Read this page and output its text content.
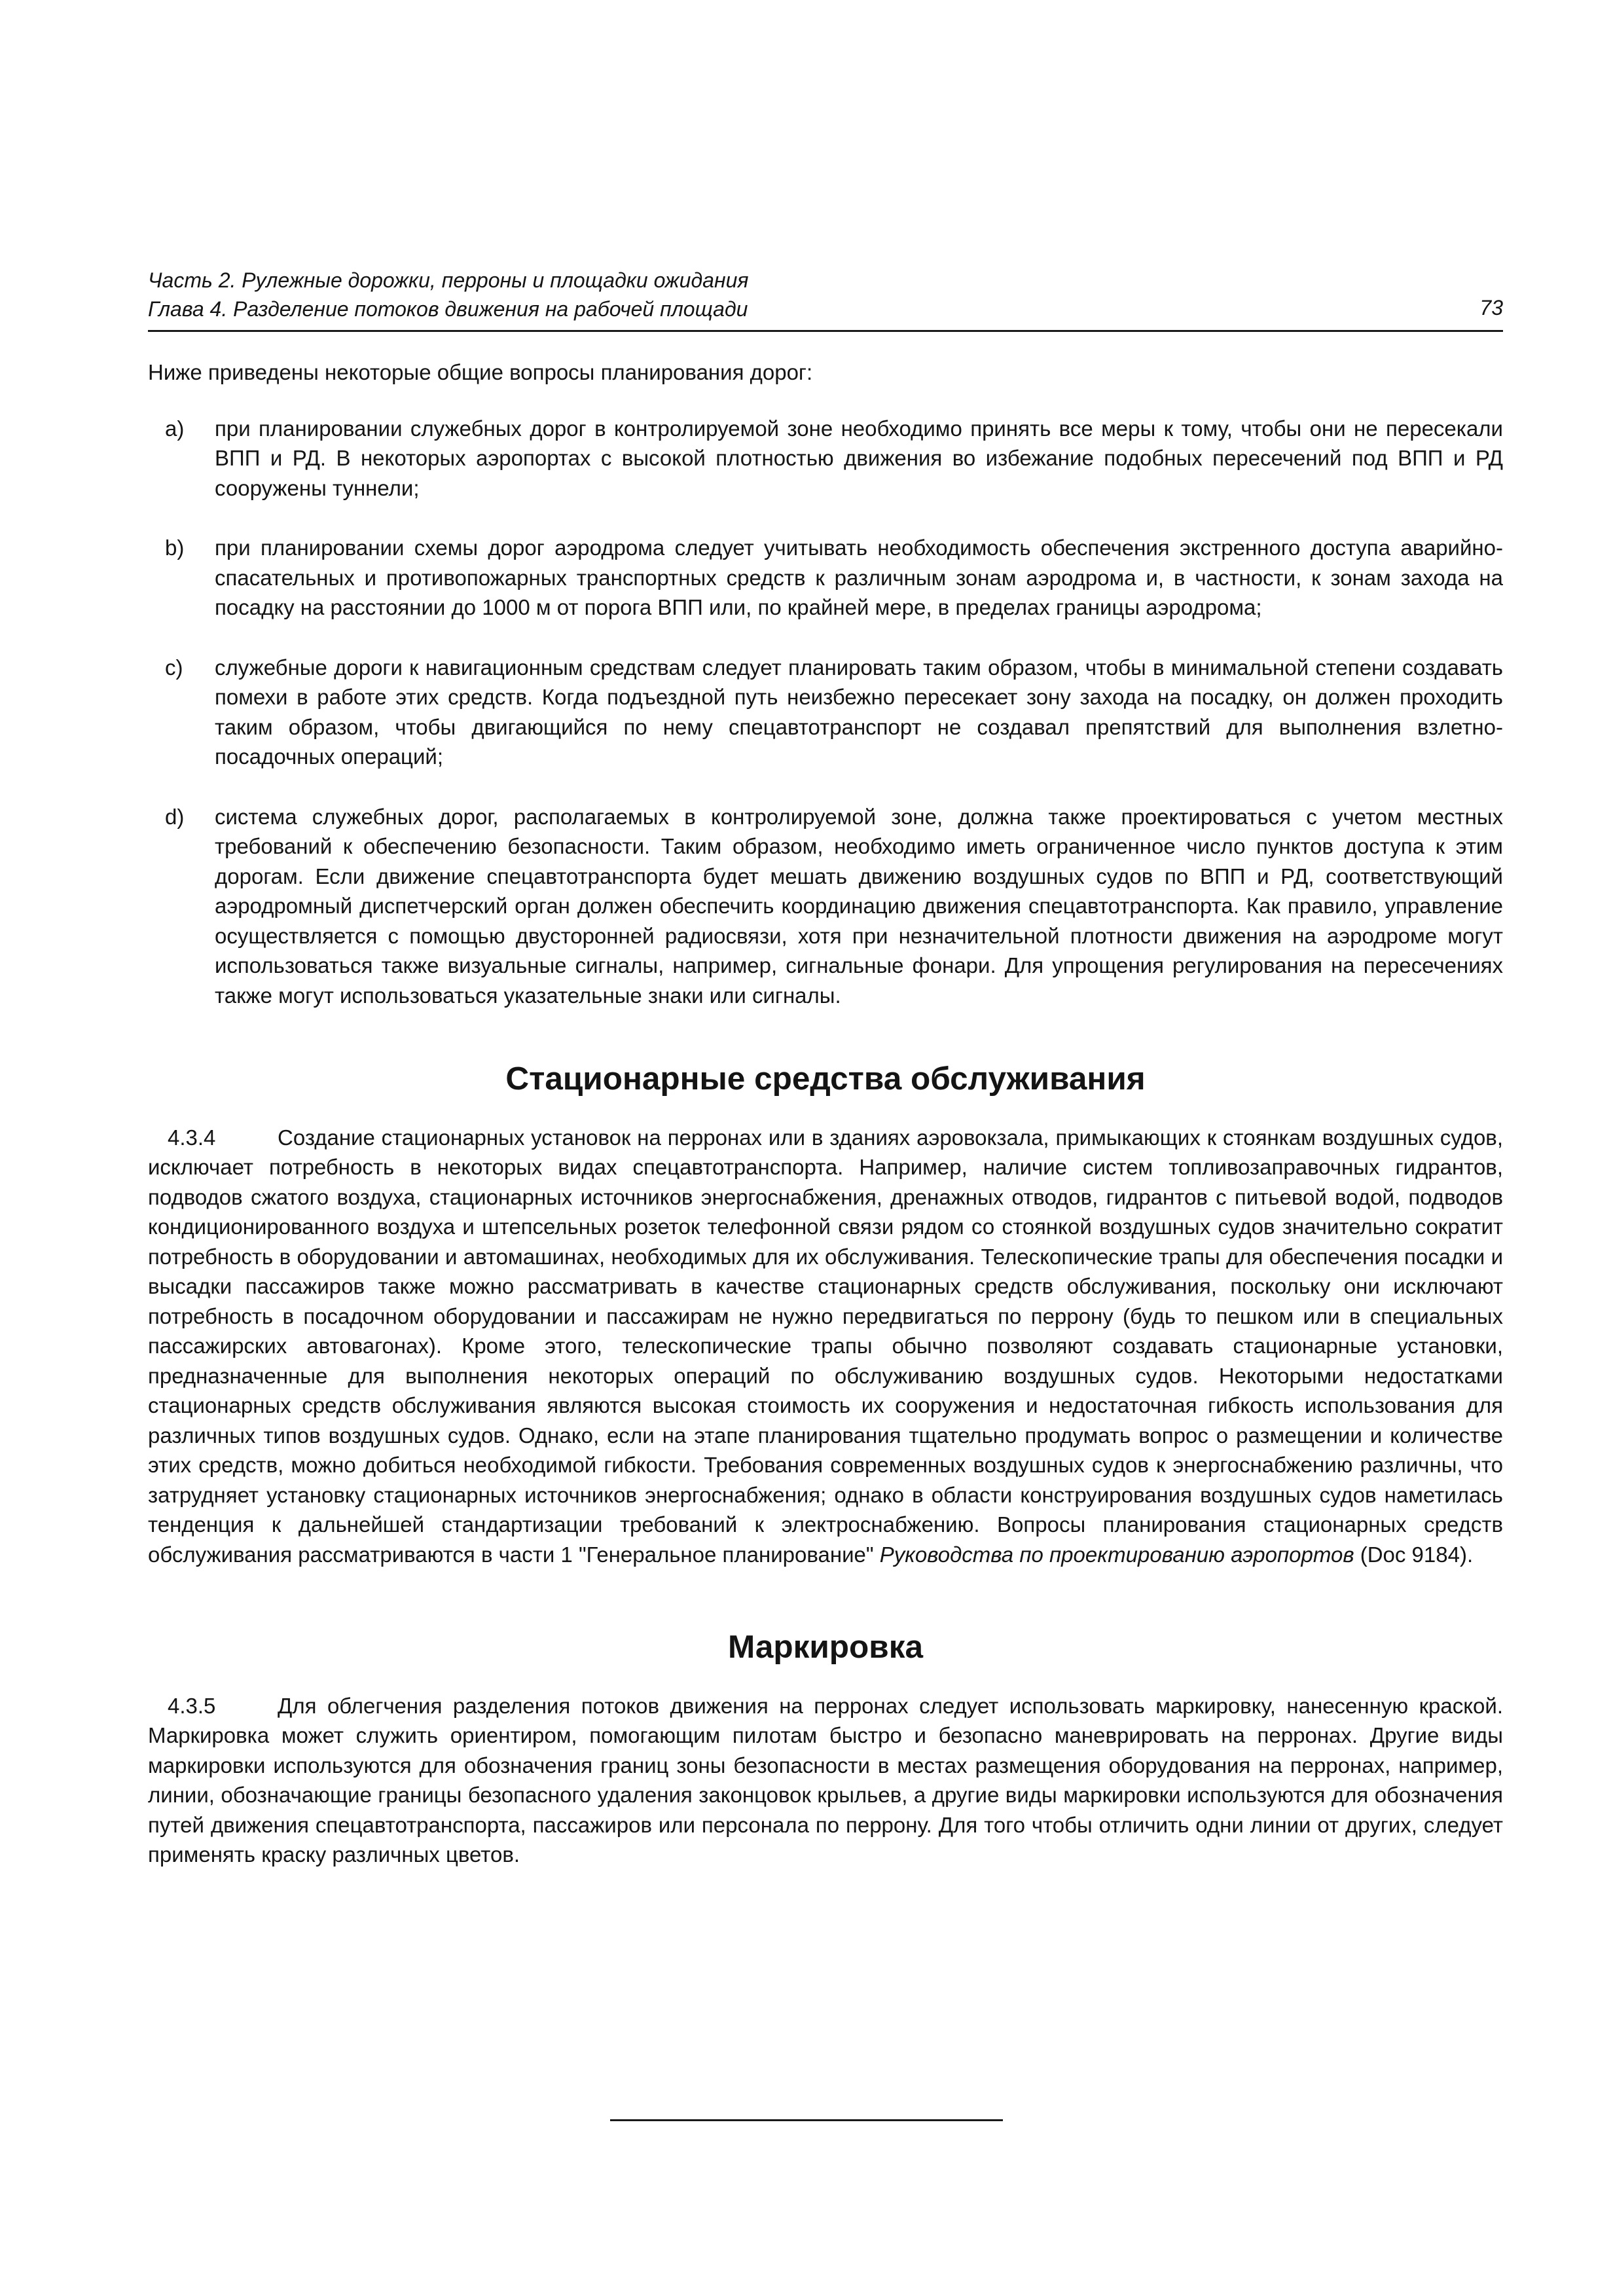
Часть 2. Рулежные дорожки, перроны и площадки ожидания
Глава 4. Разделение потоков движения на рабочей площади	73

Ниже приведены некоторые общие вопросы планирования дорог:

a) при планировании служебных дорог в контролируемой зоне необходимо принять все меры к тому, чтобы они не пересекали ВПП и РД. В некоторых аэропортах с высокой плотностью движения во избежание подобных пересечений под ВПП и РД сооружены туннели;
b) при планировании схемы дорог аэродрома следует учитывать необходимость обеспечения экстренного доступа аварийно-спасательных и противопожарных транспортных средств к различным зонам аэродрома и, в частности, к зонам захода на посадку на расстоянии до 1000 м от порога ВПП или, по крайней мере, в пределах границы аэродрома;
c) служебные дороги к навигационным средствам следует планировать таким образом, чтобы в минимальной степени создавать помехи в работе этих средств. Когда подъездной путь неизбежно пересекает зону захода на посадку, он должен проходить таким образом, чтобы двигающийся по нему спецавтотранспорт не создавал препятствий для выполнения взлетно-посадочных операций;
d) система служебных дорог, располагаемых в контролируемой зоне, должна также проектироваться с учетом местных требований к обеспечению безопасности. Таким образом, необходимо иметь ограниченное число пунктов доступа к этим дорогам. Если движение спецавтотранспорта будет мешать движению воздушных судов по ВПП и РД, соответствующий аэродромный диспетчерский орган должен обеспечить координацию движения спецавтотранспорта. Как правило, управление осуществляется с помощью двусторонней радиосвязи, хотя при незначительной плотности движения на аэродроме могут использоваться также визуальные сигналы, например, сигнальные фонари. Для упрощения регулирования на пересечениях также могут использоваться указательные знаки или сигналы.
Стационарные средства обслуживания

4.3.4	Создание стационарных установок на перронах или в зданиях аэровокзала, примыкающих к стоянкам воздушных судов, исключает потребность в некоторых видах спецавтотранспорта. Например, наличие систем топливозаправочных гидрантов, подводов сжатого воздуха, стационарных источников энергоснабжения, дренажных отводов, гидрантов с питьевой водой, подводов кондиционированного воздуха и штепсельных розеток телефонной связи рядом со стоянкой воздушных судов значительно сократит потребность в оборудовании и автомашинах, необходимых для их обслуживания. Телескопические трапы для обеспечения посадки и высадки пассажиров также можно рассматривать в качестве стационарных средств обслуживания, поскольку они исключают потребность в посадочном оборудовании и пассажирам не нужно передвигаться по перрону (будь то пешком или в специальных пассажирских автовагонах). Кроме этого, телескопические трапы обычно позволяют создавать стационарные установки, предназначенные для выполнения некоторых операций по обслуживанию воздушных судов. Некоторыми недостатками стационарных средств обслуживания являются высокая стоимость их сооружения и недостаточная гибкость использования для различных типов воздушных судов. Однако, если на этапе планирования тщательно продумать вопрос о размещении и количестве этих средств, можно добиться необходимой гибкости. Требования современных воздушных судов к энергоснабжению различны, что затрудняет установку стационарных источников энергоснабжения; однако в области конструирования воздушных судов наметилась тенденция к дальнейшей стандартизации требований к электроснабжению. Вопросы планирования стационарных средств обслуживания рассматриваются в части 1 "Генеральное планирование" Руководства по проектированию аэропортов (Doc 9184).

Маркировка

4.3.5	Для облегчения разделения потоков движения на перронах следует использовать маркировку, нанесенную краской. Маркировка может служить ориентиром, помогающим пилотам быстро и безопасно маневрировать на перронах. Другие виды маркировки используются для обозначения границ зоны безопасности в местах размещения оборудования на перронах, например, линии, обозначающие границы безопасного удаления законцовок крыльев, а другие виды маркировки используются для обозначения путей движения спецавтотранспорта, пассажиров или персонала по перрону. Для того чтобы отличить одни линии от других, следует применять краску различных цветов.
